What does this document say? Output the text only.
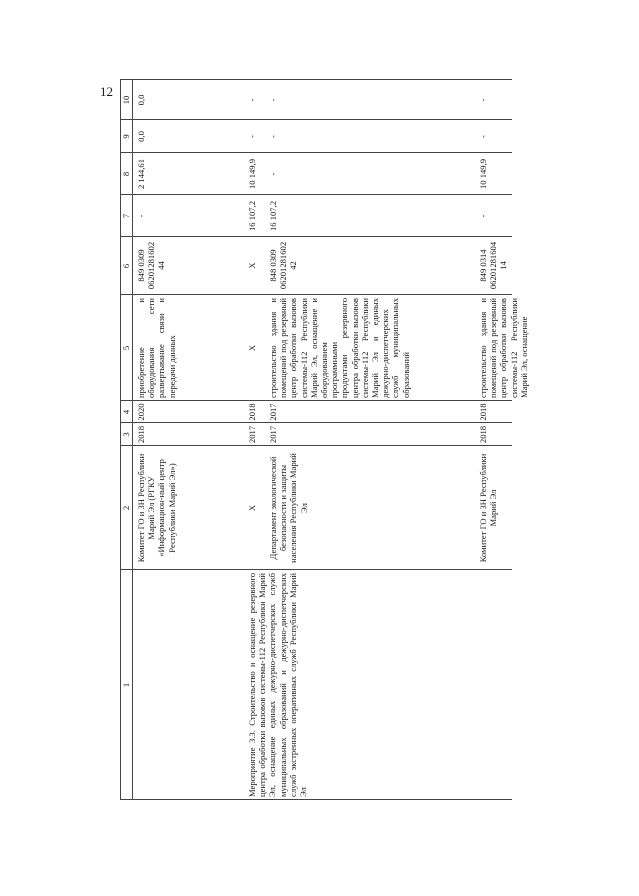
12
1
2
3
4
5
6
7
8
9
10
Комитет ГО и ЗН Республики Марий Эл (РГКУ «Информацион-ный центр Республики Марий Эл»)
2018
2020
приобретение и оборудования сети развертывание связи и передачи данных
849 0309 06201281602 44
-
2 144,61
0,0
0,0
Мероприятие 3.3. Строительство и оснащение резервного центра обработки вызовов системы-112 Республики Марий Эл, оснащение единых дежурно-диспетчерских служб муниципальных образований и дежурно-диспетчерских служб экстренных оперативных служб Республики Марий Эл
Х
2017
2018
Х
Х
16 107,2
10 149,9
-
-
Департамент экологической безопасности и защиты населения Республики Марий Эл
2017
2017
строительство здания и помещений под резервный центр обработки вызовов системы-112 Республики Марий Эл, оснащение и оборудованием программными продуктами резервного центра обработки вызовов системы-112 Республики Марий Эл и единых дежурно-диспетчерских служб муниципальных образований
848 0309 06201281602 42
16 107,2
-
-
-
Комитет ГО и ЗН Республики Марий Эл
2018
2018
строительство здания и помещений под резервный центр обработки вызовов системы-112 Республики Марий Эл, оснащение
849 0314 06201281604 14
-
10 149,9
-
-
